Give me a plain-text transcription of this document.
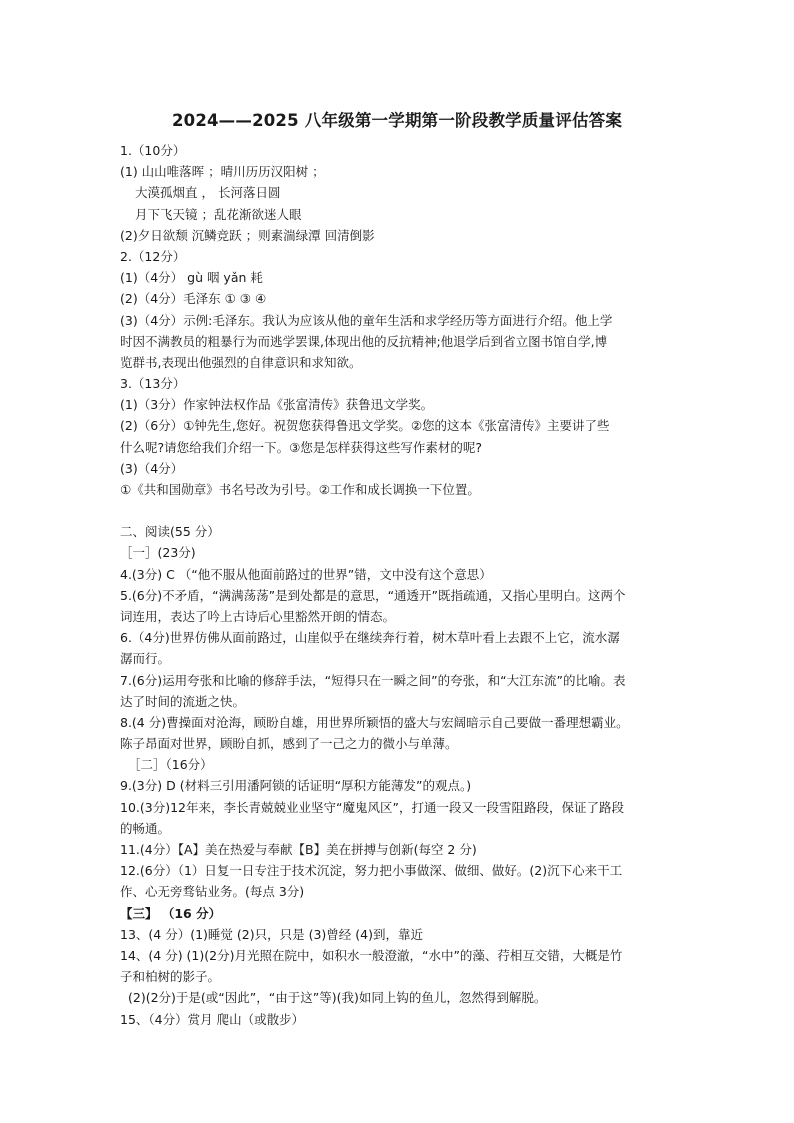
2024——2025 八年级第一学期第一阶段教学质量评估答案
1.（10分）
(1) 山山唯落晖 ；晴川历历汉阳树 ；
大漠孤烟直 ， 长河落日圆
月下飞天镜 ；乱花渐欲迷人眼
(2)夕日欲颓 沉鳞竞跃 ；则素湍绿潭 回清倒影
2.（12分）
(1)（4分） gù 咽 yǎn 耗
(2)（4分）毛泽东 ① ③ ④
(3)（4分）示例:毛泽东。我认为应该从他的童年生活和求学经历等方面进行介绍。他上学
时因不满教员的粗暴行为而逃学罢课,体现出他的反抗精神;他退学后到省立图书馆自学,博
览群书,表现出他强烈的自律意识和求知欲。
3.（13分）
(1)（3分）作家钟法权作品《张富清传》获鲁迅文学奖。
(2)（6分）①钟先生,您好。祝贺您获得鲁迅文学奖。②您的这本《张富清传》主要讲了些
什么呢?请您给我们介绍一下。③您是怎样获得这些写作素材的呢?
(3)（4分）
①《共和国勋章》书名号改为引号。②工作和成长调换一下位置。
二、阅读(55 分）
［一］(23分)
4.(3分) C （“他不服从他面前路过的世界”错，文中没有这个意思）
5.(6分)不矛盾，“满满荡荡”是到处都是的意思，“通透开”既指疏通，又指心里明白。这两个
词连用，表达了吟上古诗后心里豁然开朗的情态。
6.（4分)世界仿佛从面前路过，山崖似乎在继续奔行着，树木草叶看上去跟不上它，流水潺
潺而行。
7.(6分)运用夸张和比喻的修辞手法，“短得只在一瞬之间”的夸张，和“大江东流”的比喻。表
达了时间的流逝之快。
8.(4 分)曹操面对沧海，顾盼自雄，用世界所颖悟的盛大与宏阔暗示自己要做一番理想霸业。
陈子昂面对世界，顾盼自抓，感到了一己之力的微小与单薄。
［二］（16分）
9.(3分) D (材料三引用潘阿锁的话证明“厚积方能薄发”的观点。)
10.(3分)12年来，李长青兢兢业业坚守“魔鬼风区”，打通一段又一段雪阻路段，保证了路段
的畅通。
11.(4分）【A】美在热爱与奉献【B】美在拼搏与创新(每空 2 分)
12.(6分）（1）日复一日专注于技术沉淀，努力把小事做深、做细、做好。(2)沉下心来干工
作、心无旁骛钻业务。(每点 3分)
【三】 （16 分）
13、(4 分）(1)睡觉 (2)只，只是 (3)曾经 (4)到，靠近
14、(4 分) (1)(2分)月光照在院中，如积水一般澄澈，“水中”的藻、荇相互交错，大概是竹
子和柏树的影子。
(2)(2分)于是(或“因此”，“由于这”等)(我)如同上钩的鱼儿，忽然得到解脱。
15、（4分）赏月 爬山（或散步）
